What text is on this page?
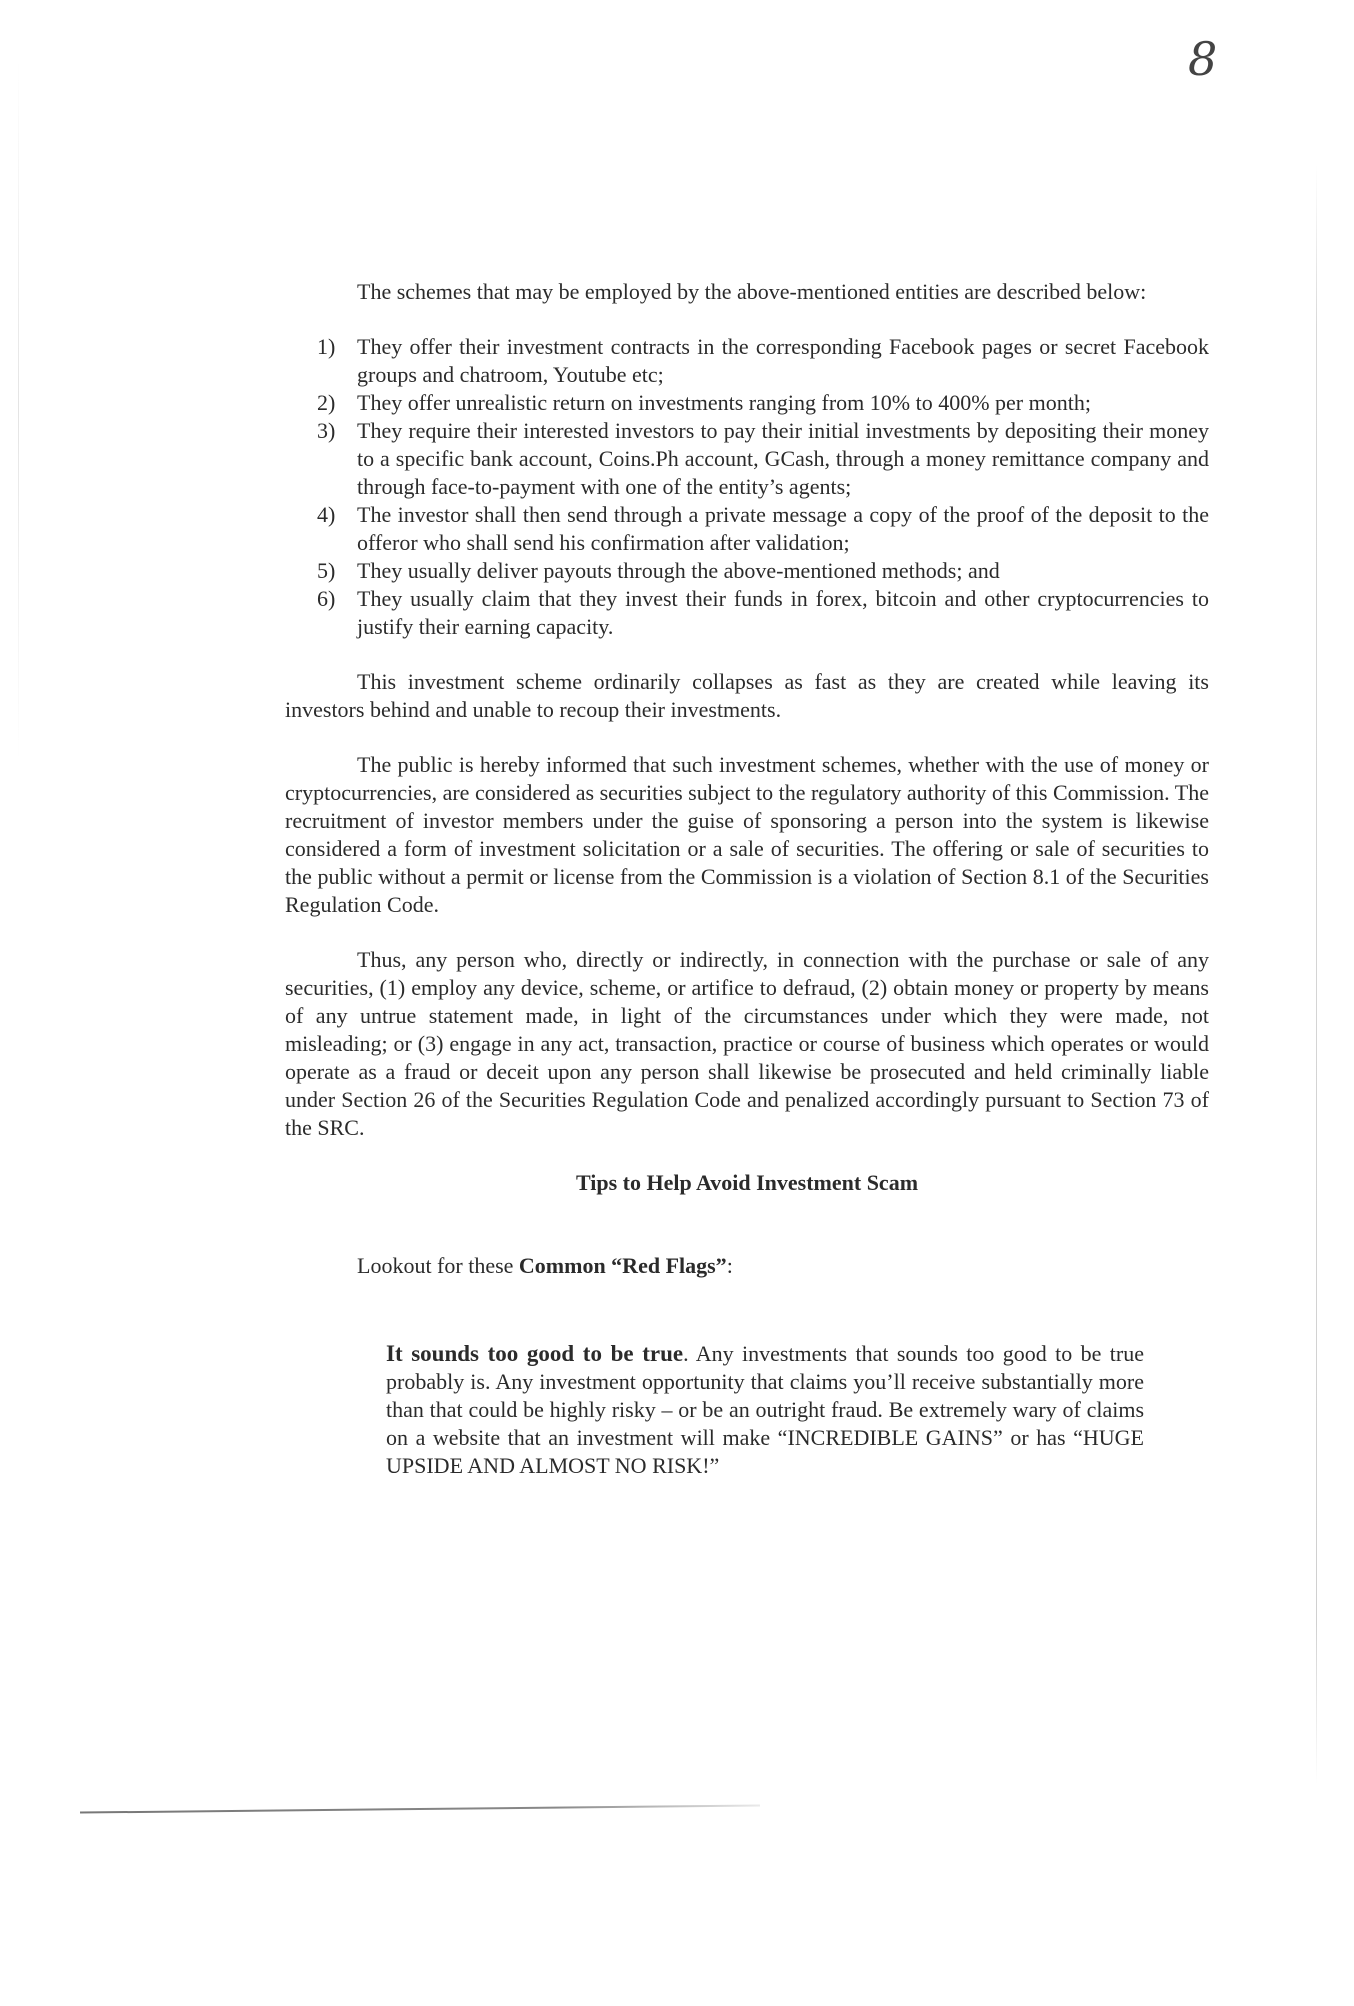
8

The schemes that may be employed by the above-mentioned entities are described below:

1) They offer their investment contracts in the corresponding Facebook pages or secret Facebook groups and chatroom, Youtube etc;
2) They offer unrealistic return on investments ranging from 10% to 400% per month;
3) They require their interested investors to pay their initial investments by depositing their money to a specific bank account, Coins.Ph account, GCash, through a money remittance company and through face-to-payment with one of the entity’s agents;
4) The investor shall then send through a private message a copy of the proof of the deposit to the offeror who shall send his confirmation after validation;
5) They usually deliver payouts through the above-mentioned methods; and
6) They usually claim that they invest their funds in forex, bitcoin and other cryptocurrencies to justify their earning capacity.

This investment scheme ordinarily collapses as fast as they are created while leaving its investors behind and unable to recoup their investments.

The public is hereby informed that such investment schemes, whether with the use of money or cryptocurrencies, are considered as securities subject to the regulatory authority of this Commission. The recruitment of investor members under the guise of sponsoring a person into the system is likewise considered a form of investment solicitation or a sale of securities. The offering or sale of securities to the public without a permit or license from the Commission is a violation of Section 8.1 of the Securities Regulation Code.

Thus, any person who, directly or indirectly, in connection with the purchase or sale of any securities, (1) employ any device, scheme, or artifice to defraud, (2) obtain money or property by means of any untrue statement made, in light of the circumstances under which they were made, not misleading; or (3) engage in any act, transaction, practice or course of business which operates or would operate as a fraud or deceit upon any person shall likewise be prosecuted and held criminally liable under Section 26 of the Securities Regulation Code and penalized accordingly pursuant to Section 73 of the SRC.

Tips to Help Avoid Investment Scam
Lookout for these Common “Red Flags”:

It sounds too good to be true. Any investments that sounds too good to be true probably is. Any investment opportunity that claims you’ll receive substantially more than that could be highly risky – or be an outright fraud. Be extremely wary of claims on a website that an investment will make “INCREDIBLE GAINS” or has “HUGE UPSIDE AND ALMOST NO RISK!”
